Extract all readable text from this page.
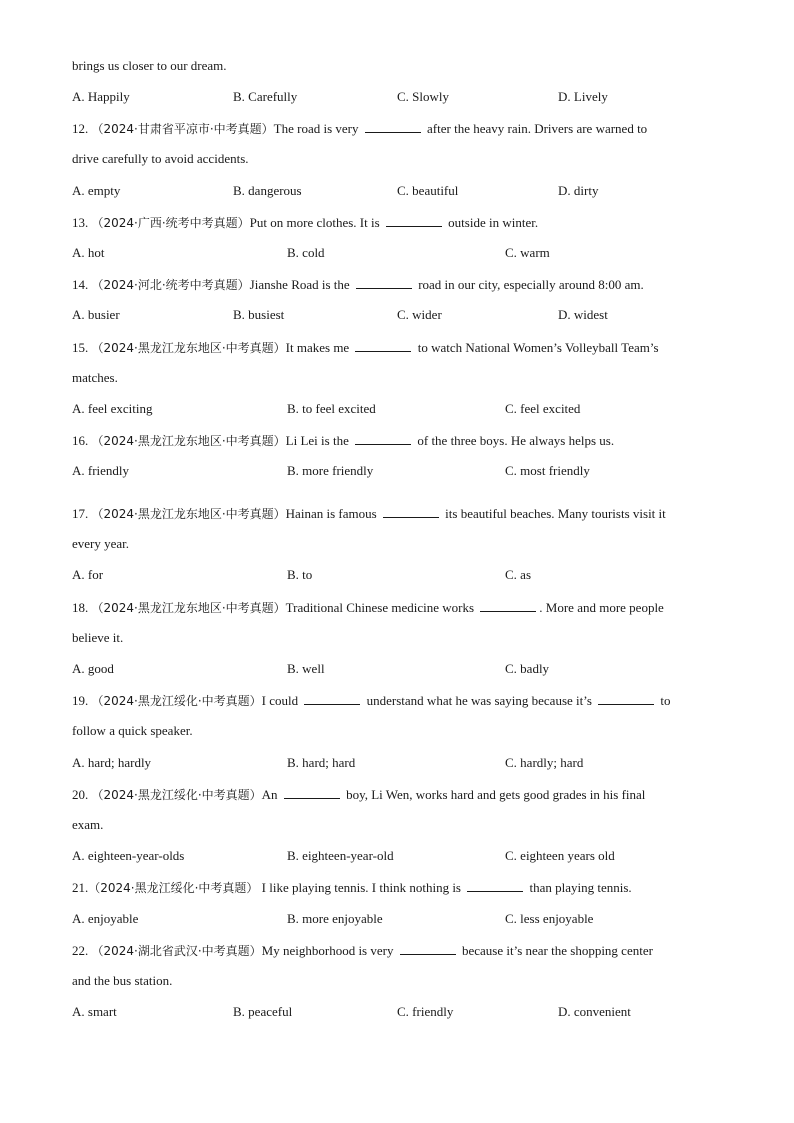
brings us closer to our dream.
A. Happily	B. Carefully	C. Slowly	D. Lively
12. （2024·甘肃省平凉市·中考真题）The road is very	after the heavy rain. Drivers are warned to
drive carefully to avoid accidents.
A. empty	B. dangerous	C. beautiful	D. dirty
13. （2024·广西·统考中考真题）Put on more clothes. It is	outside in winter.
A. hot	B. cold	C. warm
14. （2024·河北·统考中考真题）Jianshe Road is the	road in our city, especially around 8:00 am.
A. busier	B. busiest	C. wider	D. widest
15. （2024·黑龙江龙东地区·中考真题）It makes me	to watch National Women’s Volleyball Team’s
matches.
A. feel exciting	B. to feel excited	C. feel excited
16. （2024·黑龙江龙东地区·中考真题）Li Lei is the	of the three boys. He always helps us.
A. friendly	B. more friendly	C. most friendly
17. （2024·黑龙江龙东地区·中考真题）Hainan is famous	its beautiful beaches. Many tourists visit it
every year.
A. for	B. to	C. as
18. （2024·黑龙江龙东地区·中考真题）Traditional Chinese medicine works	. More and more people
believe it.
A. good	B. well	C. badly
19. （2024·黑龙江绥化·中考真题）I could	understand what he was saying because it’s	to
follow a quick speaker.
A. hard; hardly	B. hard; hard	C. hardly; hard
20. （2024·黑龙江绥化·中考真题）An	boy, Li Wen, works hard and gets good grades in his final
exam.
A. eighteen-year-olds	B. eighteen-year-old	C. eighteen years old
21.（2024·黑龙江绥化·中考真题） I like playing tennis. I think nothing is	than playing tennis.
A. enjoyable	B. more enjoyable	C. less enjoyable
22. （2024·湖北省武汉·中考真题）My neighborhood is very	because it’s near the shopping center
and the bus station.
A. smart	B. peaceful	C. friendly	D. convenient
